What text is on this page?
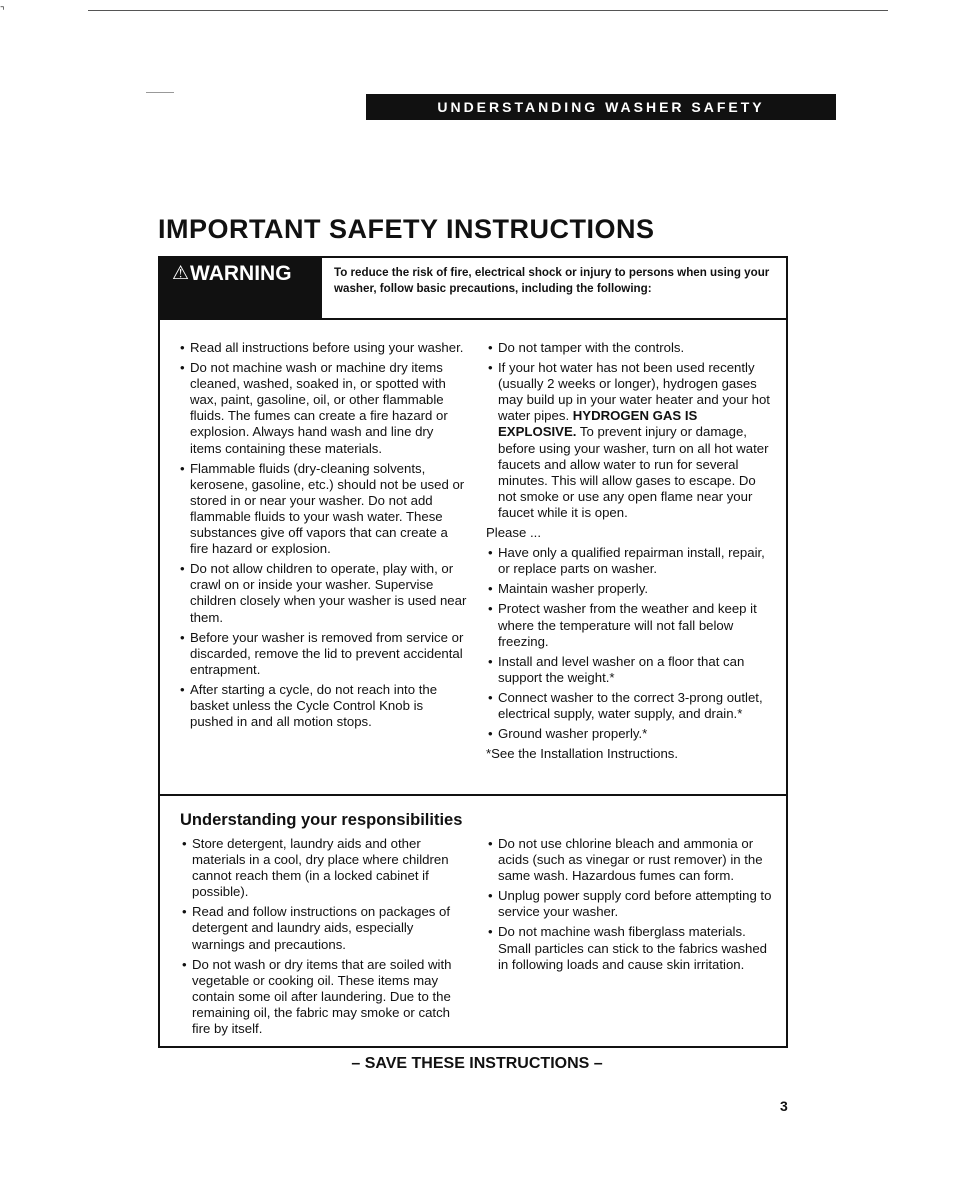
⌝
UNDERSTANDING WASHER SAFETY
IMPORTANT SAFETY INSTRUCTIONS
⚠ WARNING	To reduce the risk of fire, electrical shock or injury to persons when using your washer, follow basic precautions, including the following:
• Read all instructions before using your washer.
• Do not machine wash or machine dry items cleaned, washed, soaked in, or spotted with wax, paint, gasoline, oil, or other flammable fluids. The fumes can create a fire hazard or explosion. Always hand wash and line dry items containing these materials.
• Flammable fluids (dry-cleaning solvents, kerosene, gasoline, etc.) should not be used or stored in or near your washer. Do not add flammable fluids to your wash water. These substances give off vapors that can create a fire hazard or explosion.
• Do not allow children to operate, play with, or crawl on or inside your washer. Supervise children closely when your washer is used near them.
• Before your washer is removed from service or discarded, remove the lid to prevent accidental entrapment.
• After starting a cycle, do not reach into the basket unless the Cycle Control Knob is pushed in and all motion stops.
• Do not tamper with the controls.
• If your hot water has not been used recently (usually 2 weeks or longer), hydrogen gases may build up in your water heater and your hot water pipes. HYDROGEN GAS IS EXPLOSIVE. To prevent injury or damage, before using your washer, turn on all hot water faucets and allow water to run for several minutes. This will allow gases to escape. Do not smoke or use any open flame near your faucet while it is open.
Please ...
• Have only a qualified repairman install, repair, or replace parts on washer.
• Maintain washer properly.
• Protect washer from the weather and keep it where the temperature will not fall below freezing.
• Install and level washer on a floor that can support the weight.*
• Connect washer to the correct 3-prong outlet, electrical supply, water supply, and drain.*
• Ground washer properly.*
*See the Installation Instructions.
Understanding your responsibilities
• Store detergent, laundry aids and other materials in a cool, dry place where children cannot reach them (in a locked cabinet if possible).
• Read and follow instructions on packages of detergent and laundry aids, especially warnings and precautions.
• Do not wash or dry items that are soiled with vegetable or cooking oil. These items may contain some oil after laundering. Due to the remaining oil, the fabric may smoke or catch fire by itself.
• Do not use chlorine bleach and ammonia or acids (such as vinegar or rust remover) in the same wash. Hazardous fumes can form.
• Unplug power supply cord before attempting to service your washer.
• Do not machine wash fiberglass materials. Small particles can stick to the fabrics washed in following loads and cause skin irritation.
– SAVE THESE INSTRUCTIONS –
3
